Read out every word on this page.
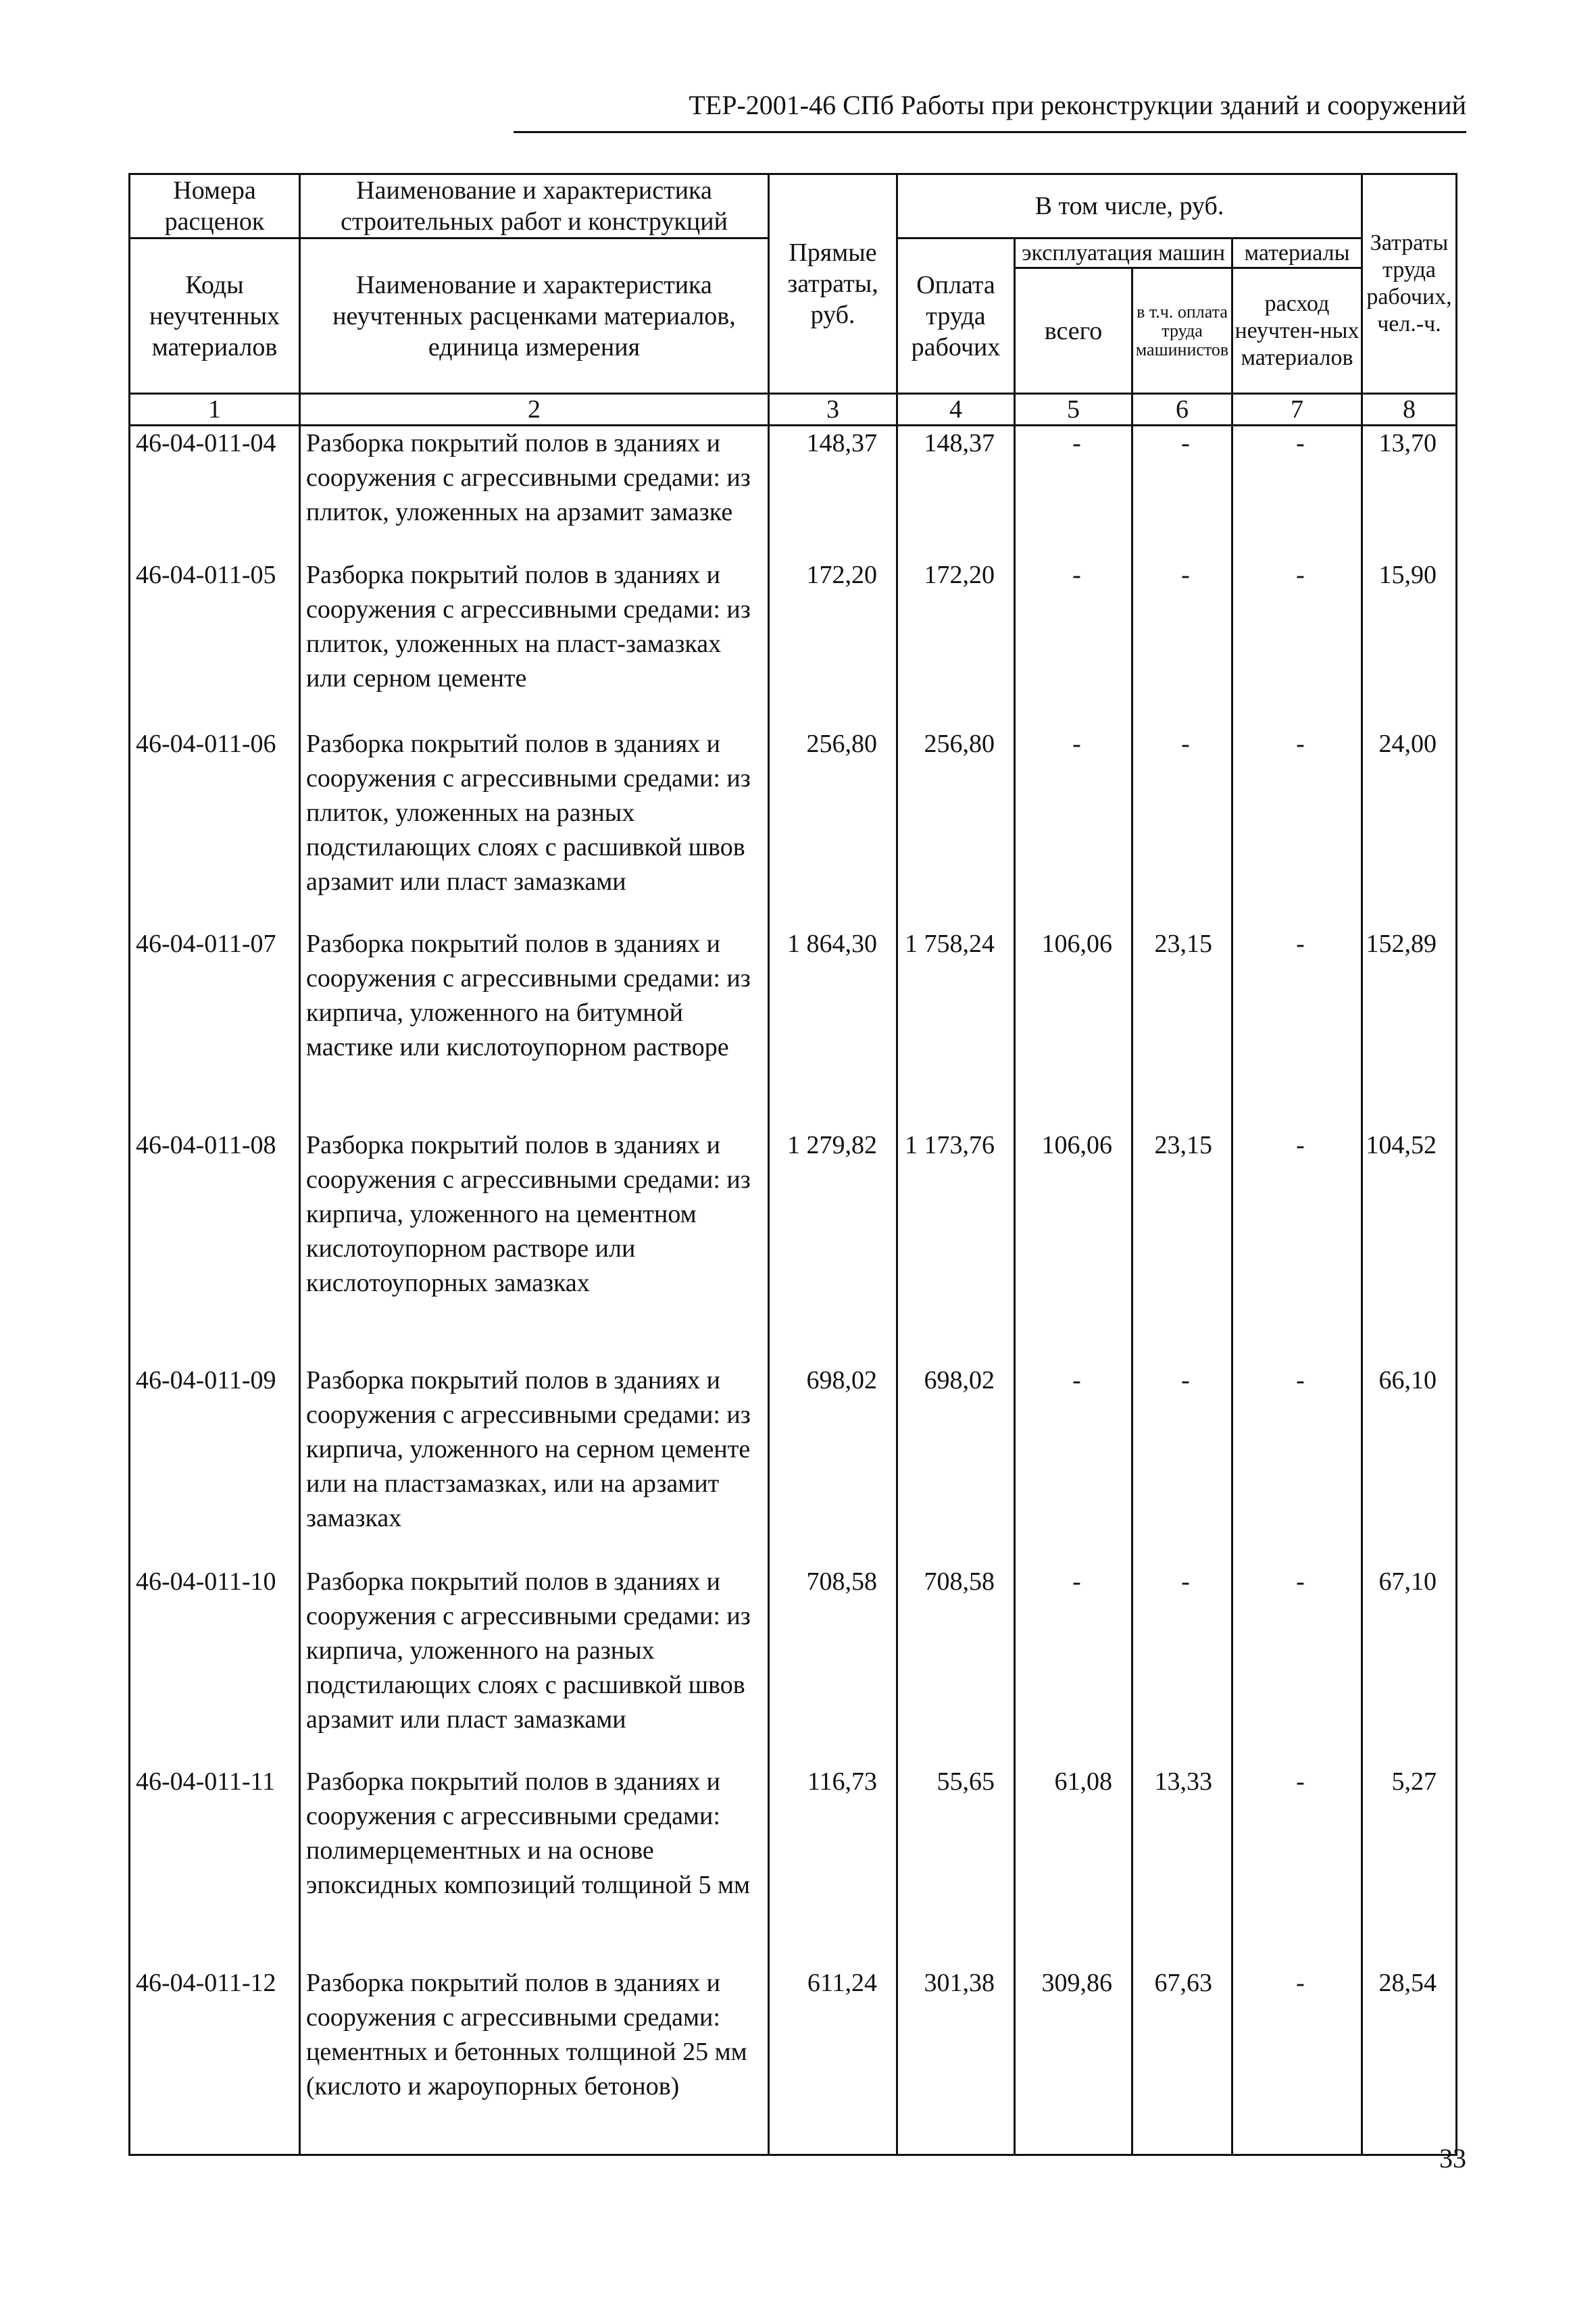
ТЕР-2001-46 СПб Работы при реконструкции зданий и сооружений
Номера расценок	Наименование и характеристика строительных работ и конструкций	Прямые затраты, руб.	В том числе, руб.				Затраты труда рабочих, чел.-ч.
Коды неучтенных материалов	Наименование и характеристика неучтенных расценками материалов, единица измерения		Оплата труда рабочих	эксплуатация машин		материалы	
				всего	в т.ч. оплата труда машинистов	расход неучтен-ных материалов	

1	2	3	4	5	6	7	8
46-04-011-04	Разборка покрытий полов в зданиях и сооружения с агрессивными средами: из плиток, уложенных на арзамит замазке	148,37	148,37	-	-	-	13,70
46-04-011-05	Разборка покрытий полов в зданиях и сооружения с агрессивными средами: из плиток, уложенных на пласт-замазках или серном цементе	172,20	172,20	-	-	-	15,90
46-04-011-06	Разборка покрытий полов в зданиях и сооружения с агрессивными средами: из плиток, уложенных на разных подстилающих слоях с расшивкой швов арзамит или пласт замазками	256,80	256,80	-	-	-	24,00
46-04-011-07	Разборка покрытий полов в зданиях и сооружения с агрессивными средами: из кирпича, уложенного на битумной мастике или кислотоупорном растворе	1 864,30	1 758,24	106,06	23,15	-	152,89
46-04-011-08	Разборка покрытий полов в зданиях и сооружения с агрессивными средами: из кирпича, уложенного на цементном кислотоупорном растворе или кислотоупорных замазках	1 279,82	1 173,76	106,06	23,15	-	104,52
46-04-011-09	Разборка покрытий полов в зданиях и сооружения с агрессивными средами: из кирпича, уложенного на серном цементе или на пластзамазках, или на арзамит замазках	698,02	698,02	-	-	-	66,10
46-04-011-10	Разборка покрытий полов в зданиях и сооружения с агрессивными средами: из кирпича, уложенного на разных подстилающих слоях с расшивкой швов арзамит или пласт замазками	708,58	708,58	-	-	-	67,10
46-04-011-11	Разборка покрытий полов в зданиях и сооружения с агрессивными средами: полимерцементных и на основе эпоксидных композиций толщиной 5 мм	116,73	55,65	61,08	13,33	-	5,27
46-04-011-12	Разборка покрытий полов в зданиях и сооружения с агрессивными средами: цементных и бетонных толщиной 25 мм (кислото и жароупорных бетонов)	611,24	301,38	309,86	67,63	-	28,54
33
